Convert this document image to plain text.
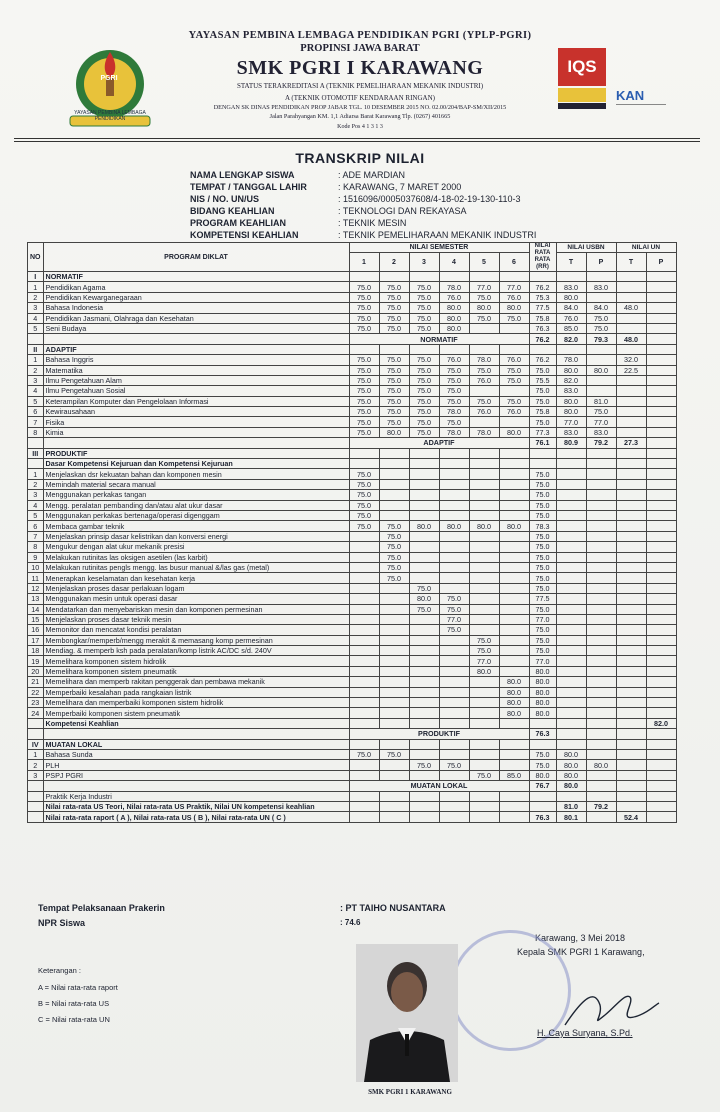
YAYASAN PEMBINA LEMBAGA PENDIDIKAN
PGRI
IQS
KAN
YAYASAN PEMBINA LEMBAGA PENDIDIKAN PGRI (YPLP-PGRI)
PROPINSI JAWA BARAT
SMK PGRI I KARAWANG
STATUS TERAKREDITASI A (TEKNIK PEMELIHARAAN MEKANIK INDUSTRI)
A (TEKNIK OTOMOTIF KENDARAAN RINGAN)
DENGAN SK DINAS PENDIDIKAN PROP JABAR TGL. 10 DESEMBER 2015 NO. 02.00/204/BAP-SM/XII/2015
Jalan Parahyangan KM. 1,1 Adiarsa Barat Karawang Tlp. (0267) 401665
Kode Pos 4 1 3 1 3
TRANSKRIP NILAI
NAMA LENGKAP SISWA	: ADE MARDIAN
TEMPAT / TANGGAL LAHIR	: KARAWANG, 7 MARET 2000
NIS / NO. UN/US	: 1516096/0005037608/4-18-02-19-130-110-3
BIDANG KEAHLIAN	: TEKNOLOGI DAN REKAYASA
PROGRAM KEAHLIAN	: TEKNIK MESIN
KOMPETENSI KEAHLIAN	: TEKNIK PEMELIHARAAN MEKANIK INDUSTRI
NO	PROGRAM DIKLAT	NILAI SEMESTER						NILAI RATA RATA (RR)	NILAI USBN		NILAI UN	
		1	2	3	4	5	6		T	P	T	P

I	NORMATIF											
1	Pendidikan Agama	75.0	75.0	75.0	78.0	77.0	77.0	76.2	83.0	83.0		
2	Pendidikan Kewarganegaraan	75.0	75.0	75.0	76.0	75.0	76.0	75.3	80.0			
3	Bahasa Indonesia	75.0	75.0	75.0	80.0	80.0	80.0	77.5	84.0	84.0	48.0	
4	Pendidikan Jasmani, Olahraga dan Kesehatan	75.0	75.0	75.0	80.0	75.0	75.0	75.8	76.0	75.0		
5	Seni Budaya	75.0	75.0	75.0	80.0			76.3	85.0	75.0		
		NORMATIF						76.2	82.0	79.3	48.0	
II	ADAPTIF											
1	Bahasa Inggris	75.0	75.0	75.0	76.0	78.0	76.0	76.2	78.0		32.0	
2	Matematika	75.0	75.0	75.0	75.0	75.0	75.0	75.0	80.0	80.0	22.5	
3	Ilmu Pengetahuan Alam	75.0	75.0	75.0	75.0	76.0	75.0	75.5	82.0			
4	Ilmu Pengetahuan Sosial	75.0	75.0	75.0	75.0			75.0	83.0			
5	Keterampilan Komputer dan Pengelolaan Informasi	75.0	75.0	75.0	75.0	75.0	75.0	75.0	80.0	81.0		
6	Kewirausahaan	75.0	75.0	75.0	78.0	76.0	76.0	75.8	80.0	75.0		
7	Fisika	75.0	75.0	75.0	75.0			75.0	77.0	77.0		
8	Kimia	75.0	80.0	75.0	78.0	78.0	80.0	77.3	83.0	83.0		
		ADAPTIF						76.1	80.9	79.2	27.3	
III	PRODUKTIF											
	Dasar Kompetensi Kejuruan dan Kompetensi Kejuruan											
1	Menjelaskan dsr kekuatan bahan dan komponen mesin	75.0						75.0				
2	Memindah material secara manual	75.0						75.0				
3	Menggunakan perkakas tangan	75.0						75.0				
4	Mengg. peralatan pembanding dan/atau alat ukur dasar	75.0						75.0				
5	Menggunakan perkakas bertenaga/operasi digenggam	75.0						75.0				
6	Membaca gambar teknik	75.0	75.0	80.0	80.0	80.0	80.0	78.3				
7	Menjelaskan prinsip dasar kelistrikan dan konversi energi		75.0					75.0				
8	Mengukur dengan alat ukur mekanik presisi		75.0					75.0				
9	Melakukan rutinitas las oksigen asetilen (las karbit)		75.0					75.0				
10	Melakukan rutinitas pengls mengg. las busur manual &/las gas (metal)		75.0					75.0				
11	Menerapkan keselamatan dan kesehatan kerja		75.0					75.0				
12	Menjelaskan proses dasar perlakuan logam			75.0				75.0				
13	Menggunakan mesin untuk operasi dasar			80.0	75.0			77.5				
14	Mendatarkan dan menyebariskan mesin dan komponen permesinan			75.0	75.0			75.0				
15	Menjelaskan proses dasar teknik mesin				77.0			77.0				
16	Memonitor dan mencatat kondisi peralatan				75.0			75.0				
17	Membongkar/memperb/mengg merakit & memasang komp permesinan					75.0		75.0				
18	Mendiag. & memperb ksh pada peralatan/komp listrik AC/DC s/d. 240V					75.0		75.0				
19	Memelihara komponen sistem hidrolik					77.0		77.0				
20	Memelihara komponen sistem pneumatik					80.0		80.0				
21	Memelihara dan memperb rakitan penggerak dan pembawa mekanik						80.0	80.0				
22	Memperbaiki kesalahan pada rangkaian listrik						80.0	80.0				
23	Memelihara dan memperbaiki komponen sistem hidrolik						80.0	80.0				
24	Memperbaiki komponen sistem pneumatik						80.0	80.0				
	Kompetensi Keahlian											82.0
		PRODUKTIF						76.3				
IV	MUATAN LOKAL											
1	Bahasa Sunda	75.0	75.0					75.0	80.0			
2	PLH			75.0	75.0			75.0	80.0	80.0		
3	PSPJ PGRI					75.0	85.0	80.0	80.0			
		MUATAN LOKAL						76.7	80.0			
	Praktik Kerja Industri											
	Nilai rata-rata US Teori, Nilai rata-rata US Praktik, Nilai UN kompetensi keahlian								81.0	79.2		
	Nilai rata-rata raport ( A ), Nilai rata-rata US ( B ), Nilai rata-rata UN ( C )							76.3	80.1		52.4	
Tempat Pelaksanaan Prakerin	: PT TAIHO NUSANTARA
NPR Siswa	: 74.6
Karawang, 3 Mei 2018
Kepala SMK PGRI 1 Karawang,
Keterangan :
A = Nilai rata-rata raport
B = Nilai rata-rata US
C = Nilai rata-rata UN
SMK PGRI 1 KARAWANG
H. Caya Suryana, S.Pd.
